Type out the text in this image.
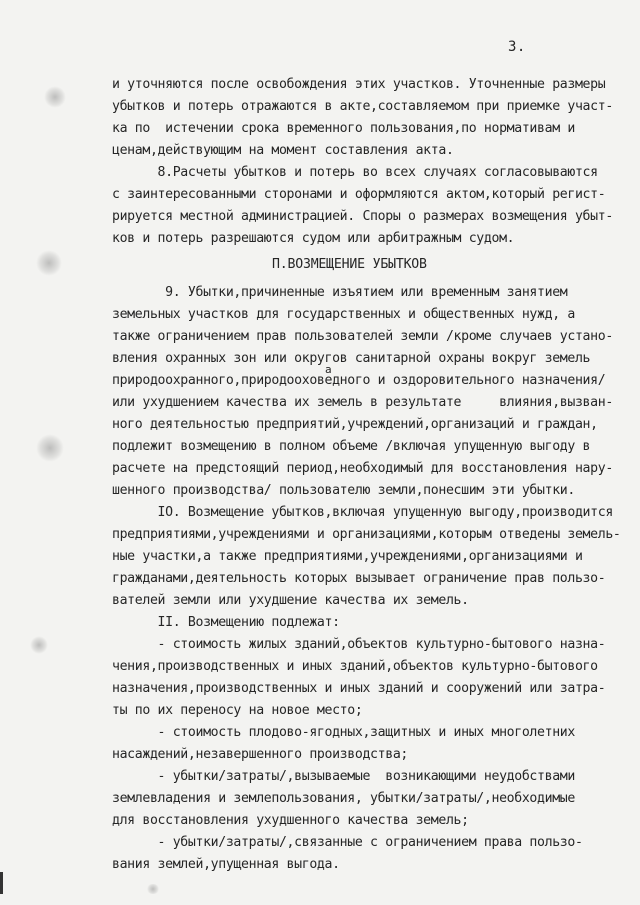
3.
и уточняются после освобождения этих участков. Уточненные размеры
убытков и потерь отражаются в акте,составляемом при приемке участ-
ка по  истечении срока временного пользования,по нормативам и
ценам,действующим на момент составления акта.
8.Расчеты убытков и потерь во всех случаях согласовываются
с заинтересованными сторонами и оформляются актом,который регист-
рируется местной администрацией. Споры о размерах возмещения убыт-
ков и потерь разрешаются судом или арбитражным судом.
9. Убытки,причиненные изъятием или временным занятием
земельных участков для государственных и общественных нужд, а
также ограничением прав пользователей земли /кроме случаев устано-
вления охранных зон или округов санитарной охраны вокруг земель
природоохранного,природооховедного и оздоровительного назначения/
а
или ухудшением качества их земель в результате     влияния,вызван-
ного деятельностью предприятий,учреждений,организаций и граждан,
подлежит возмещению в полном объеме /включая упущенную выгоду в
расчете на предстоящий период,необходимый для восстановления нару-
шенного производства/ пользователю земли,понесшим эти убытки.
IO. Возмещение убытков,включая упущенную выгоду,производится
предприятиями,учреждениями и организациями,которым отведены земель-
ные участки,а также предприятиями,учреждениями,организациями и
гражданами,деятельность которых вызывает ограничение прав пользо-
вателей земли или ухудшение качества их земель.
II. Возмещению подлежат:
- стоимость жилых зданий,объектов культурно-бытового назна-
чения,производственных и иных зданий,объектов культурно-бытового
назначения,производственных и иных зданий и сооружений или затра-
ты по их переносу на новое место;
- стоимость плодово-ягодных,защитных и иных многолетних
насаждений,незавершенного производства;
- убытки/затраты/,вызываемые  возникающими неудобствами
землевладения и землепользования, убытки/затраты/,необходимые
для восстановления ухудшенного качества земель;
- убытки/затраты/,связанные с ограничением права пользо-
вания землей,упущенная выгода.
П.ВОЗМЕЩЕНИЕ УБЫТКОВ
